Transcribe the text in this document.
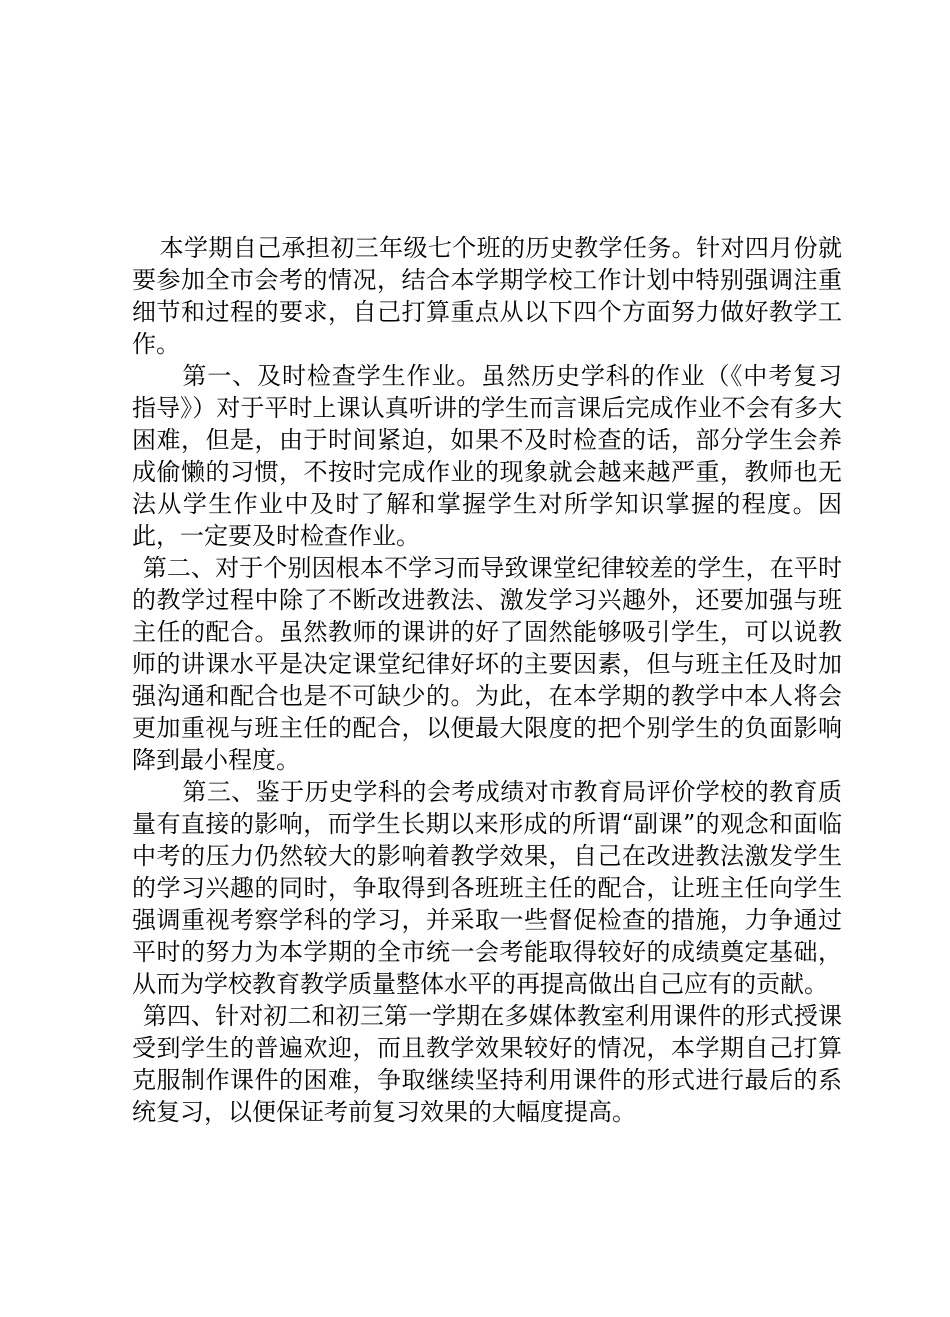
本学期自己承担初三年级七个班的历史教学任务。针对四月份就要参加全市会考的情况，结合本学期学校工作计划中特别强调注重细节和过程的要求，自己打算重点从以下四个方面努力做好教学工作。

第一、及时检查学生作业。虽然历史学科的作业（《中考复习指导》）对于平时上课认真听讲的学生而言课后完成作业不会有多大困难，但是，由于时间紧迫，如果不及时检查的话，部分学生会养成偷懒的习惯，不按时完成作业的现象就会越来越严重，教师也无法从学生作业中及时了解和掌握学生对所学知识掌握的程度。因此，一定要及时检查作业。

第二、对于个别因根本不学习而导致课堂纪律较差的学生，在平时的教学过程中除了不断改进教法、激发学习兴趣外，还要加强与班主任的配合。虽然教师的课讲的好了固然能够吸引学生，可以说教师的讲课水平是决定课堂纪律好坏的主要因素，但与班主任及时加强沟通和配合也是不可缺少的。为此，在本学期的教学中本人将会更加重视与班主任的配合，以便最大限度的把个别学生的负面影响降到最小程度。

第三、鉴于历史学科的会考成绩对市教育局评价学校的教育质量有直接的影响，而学生长期以来形成的所谓“副课”的观念和面临中考的压力仍然较大的影响着教学效果，自己在改进教法激发学生的学习兴趣的同时，争取得到各班班主任的配合，让班主任向学生强调重视考察学科的学习，并采取一些督促检查的措施，力争通过平时的努力为本学期的全市统一会考能取得较好的成绩奠定基础，从而为学校教育教学质量整体水平的再提高做出自己应有的贡献。

第四、针对初二和初三第一学期在多媒体教室利用课件的形式授课受到学生的普遍欢迎，而且教学效果较好的情况，本学期自己打算克服制作课件的困难，争取继续坚持利用课件的形式进行最后的系统复习，以便保证考前复习效果的大幅度提高。
